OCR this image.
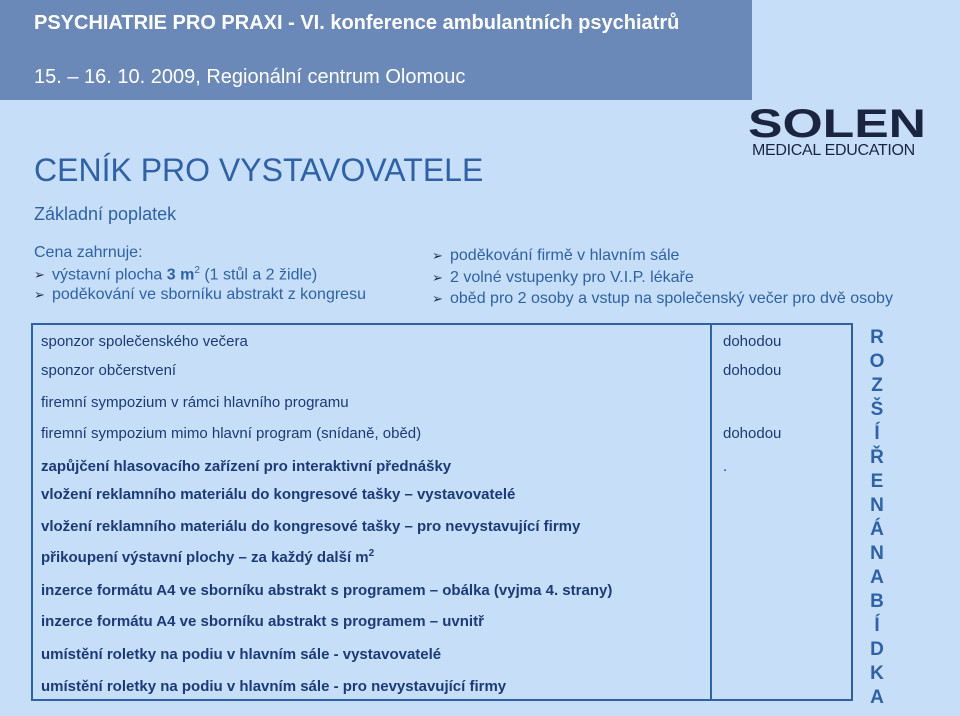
PSYCHIATRIE PRO PRAXI - VI. konference ambulantních psychiatrů
15. – 16. 10. 2009, Regionální centrum Olomouc
SOLEN
MEDICAL EDUCATION
CENÍK PRO VYSTAVOVATELE
Základní poplatek
Cena zahrnuje:
➢ výstavní plocha 3 $m^2$ (1 stůl a 2 židle)
➢ poděkování ve sborníku abstrakt z kongresu
➢ poděkování firmě v hlavním sále
➢ 2 volné vstupenky pro V.I.P. lékaře
➢ oběd pro 2 osoby a vstup na společenský večer pro dvě osoby
sponzor společenského večera	dohodou
sponzor občerstvení	dohodou
firemní sympozium v rámci hlavního programu
firemní sympozium mimo hlavní program (snídaně, oběd)	dohodou
zapůjčení hlasovacího zařízení pro interaktivní přednášky	.
vložení reklamního materiálu do kongresové tašky – vystavovatelé
vložení reklamního materiálu do kongresové tašky – pro nevystavující firmy
přikoupení výstavní plochy – za každý další $m^2$
inzerce formátu A4 ve sborníku abstrakt s programem – obálka (vyjma 4. strany)
inzerce formátu A4 ve sborníku abstrakt s programem – uvnitř
umístění roletky na podiu v hlavním sále - vystavovatelé
umístění roletky na podiu v hlavním sále - pro nevystavující firmy
R
O
Z
Š
Í
Ř
E
N
Á
N
A
B
Í
D
K
A
